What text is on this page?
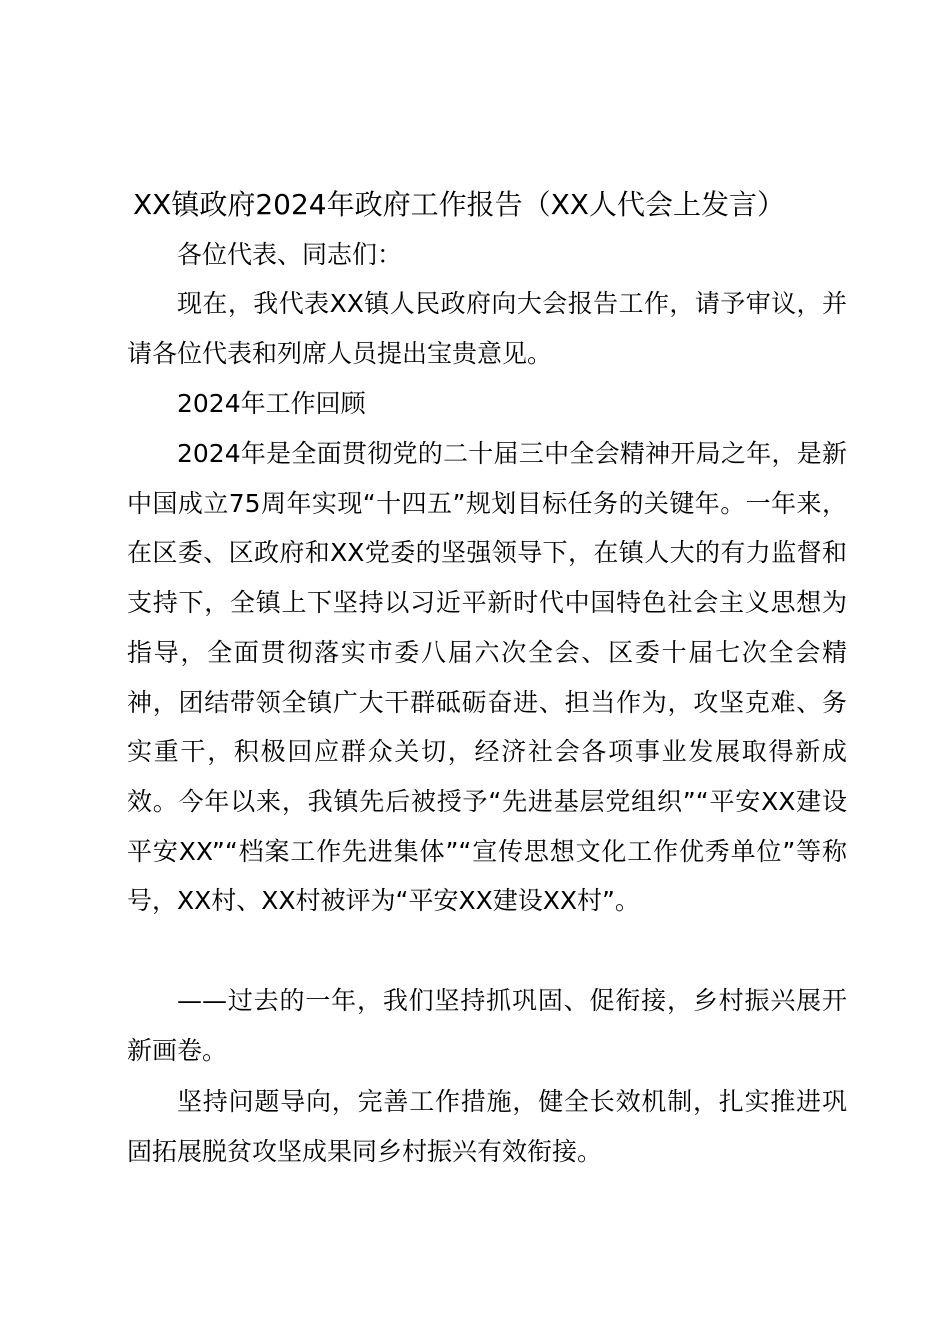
XX镇政府2024年政府工作报告（XX人代会上发言）

各位代表、同志们：

现在，我代表XX镇人民政府向大会报告工作，请予审议，并请各位代表和列席人员提出宝贵意见。

2024年工作回顾

2024年是全面贯彻党的二十届三中全会精神开局之年，是新中国成立75周年实现“十四五”规划目标任务的关键年。一年来，在区委、区政府和XX党委的坚强领导下，在镇人大的有力监督和支持下，全镇上下坚持以习近平新时代中国特色社会主义思想为指导，全面贯彻落实市委八届六次全会、区委十届七次全会精神，团结带领全镇广大干群砥砺奋进、担当作为，攻坚克难、务实重干，积极回应群众关切，经济社会各项事业发展取得新成效。今年以来，我镇先后被授予“先进基层党组织”“平安XX建设平安XX”“档案工作先进集体”“宣传思想文化工作优秀单位”等称号，XX村、XX村被评为“平安XX建设XX村”。

——过去的一年，我们坚持抓巩固、促衔接，乡村振兴展开新画卷。

坚持问题导向，完善工作措施，健全长效机制，扎实推进巩固拓展脱贫攻坚成果同乡村振兴有效衔接。
